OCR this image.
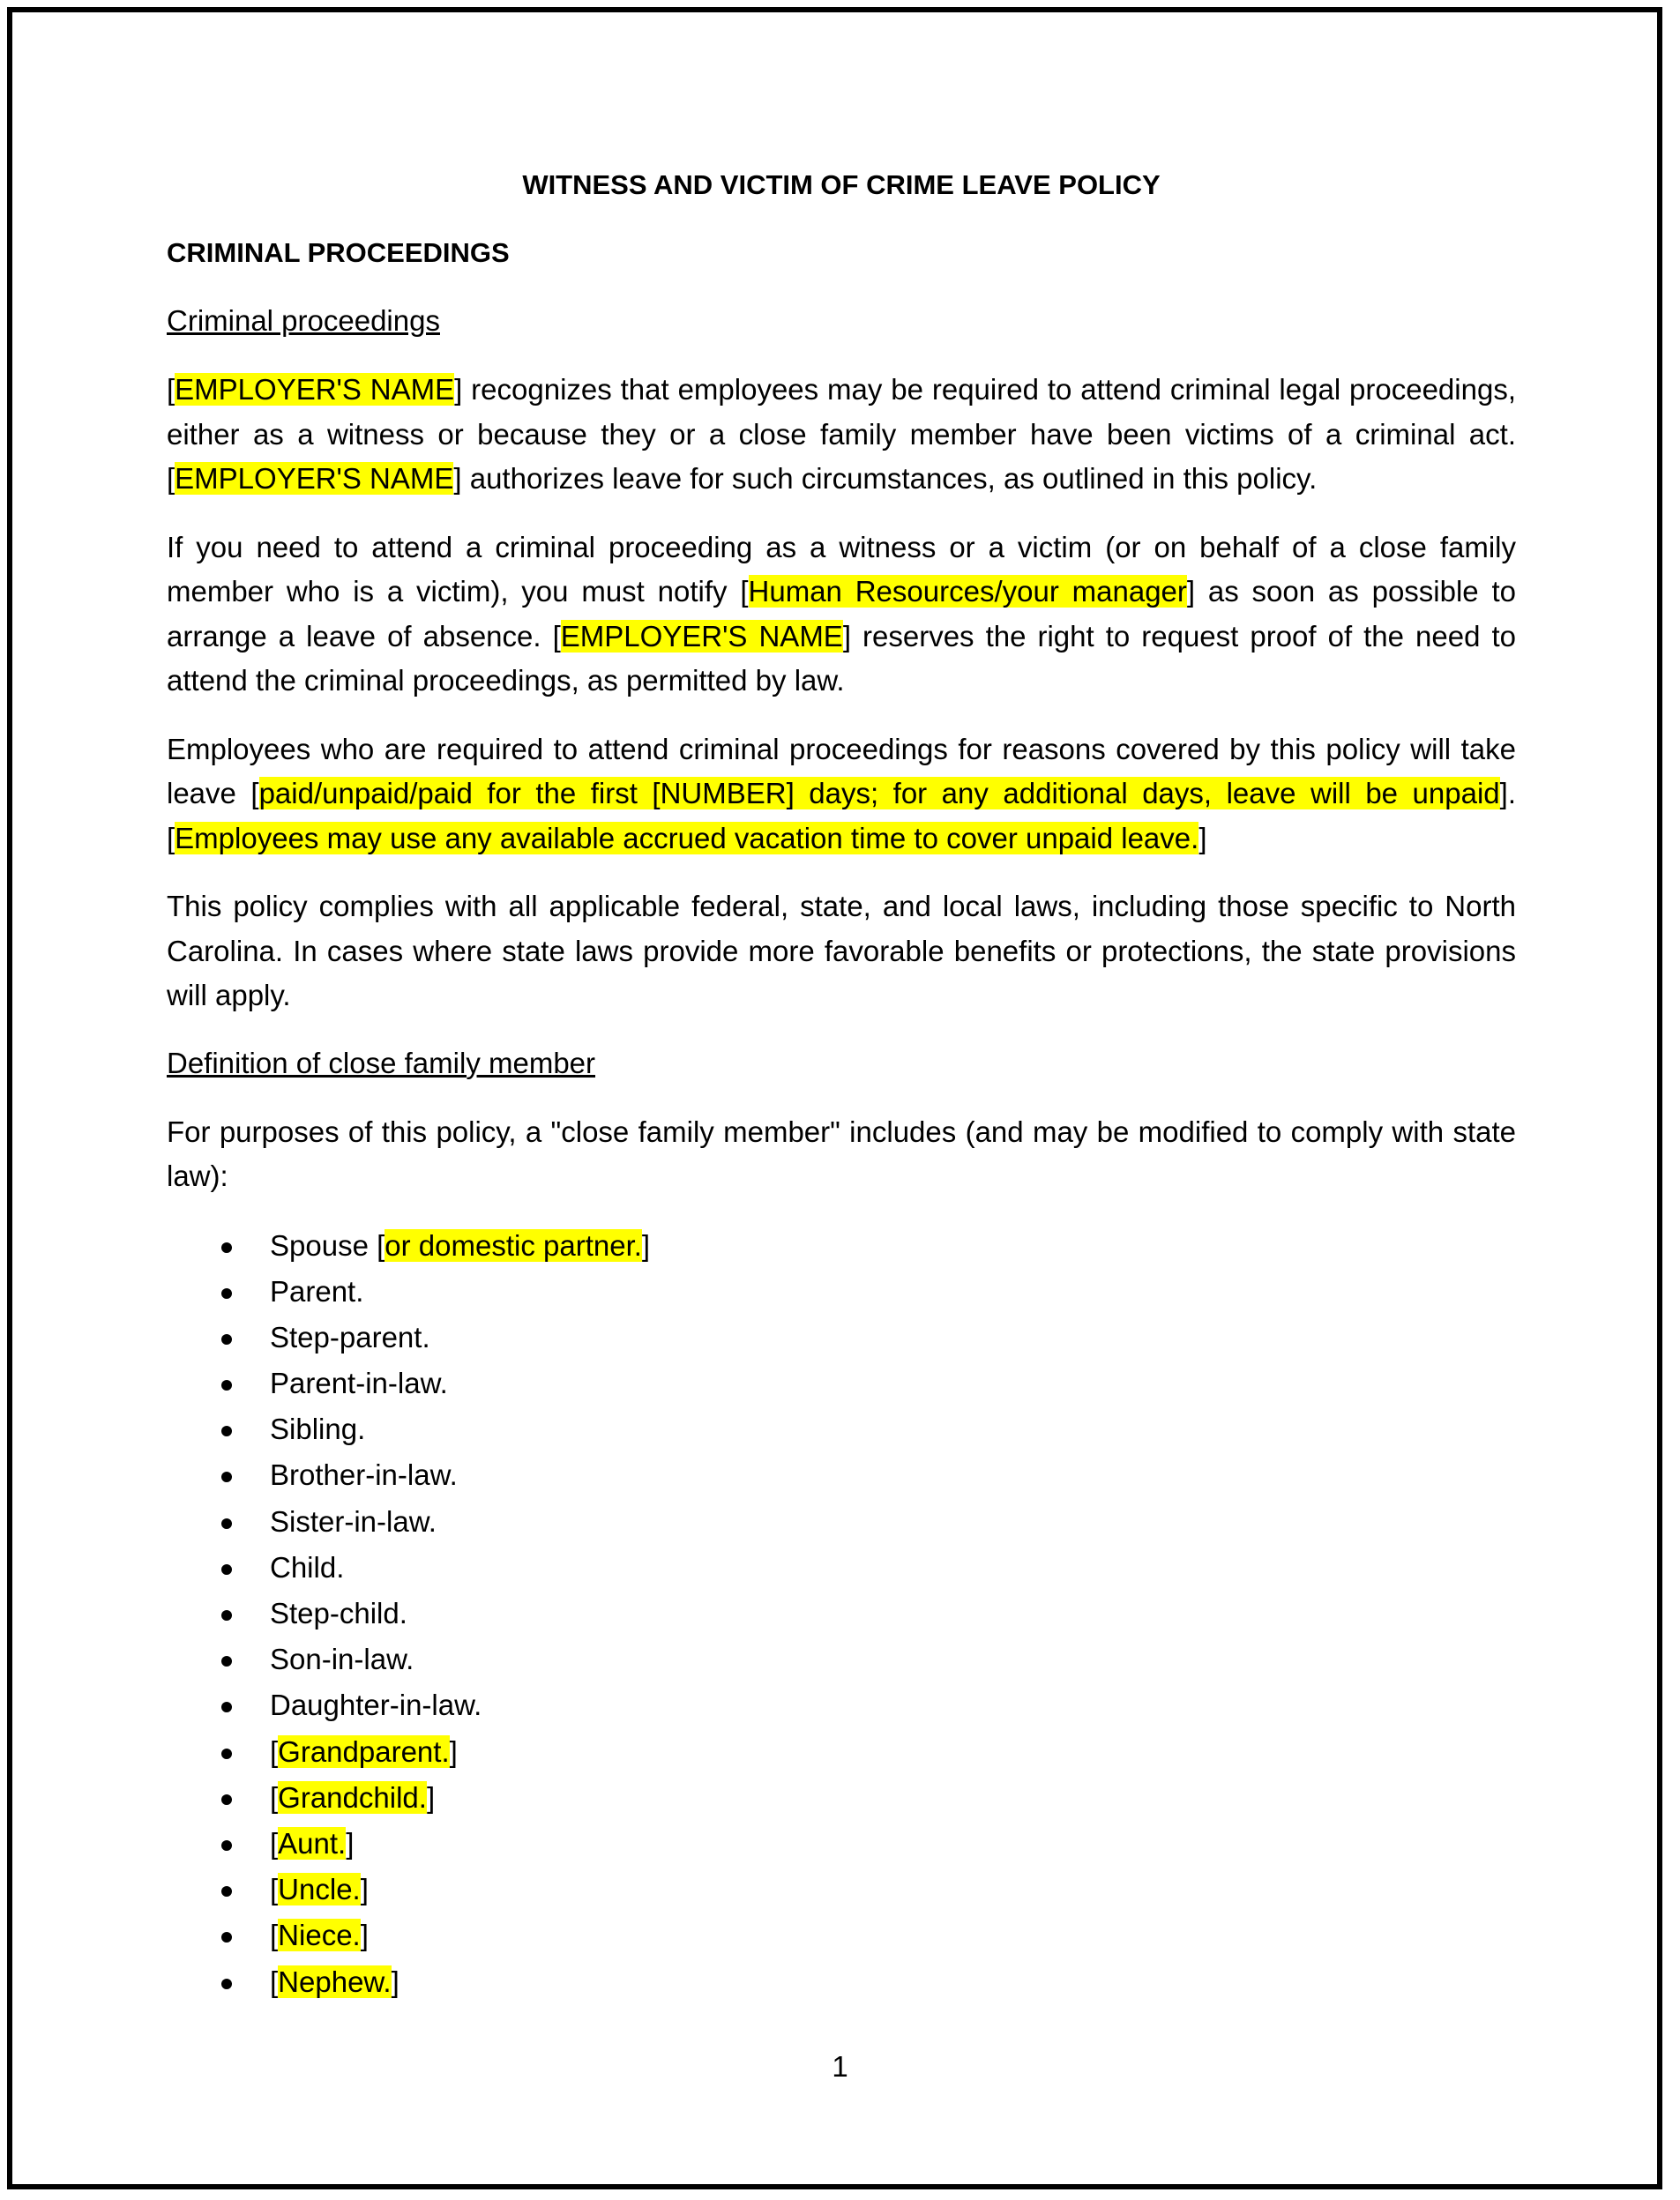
WITNESS AND VICTIM OF CRIME LEAVE POLICY
CRIMINAL PROCEEDINGS
Criminal proceedings
[EMPLOYER'S NAME] recognizes that employees may be required to attend criminal legal proceedings, either as a witness or because they or a close family member have been victims of a criminal act. [EMPLOYER'S NAME] authorizes leave for such circumstances, as outlined in this policy.
If you need to attend a criminal proceeding as a witness or a victim (or on behalf of a close family member who is a victim), you must notify [Human Resources/your manager] as soon as possible to arrange a leave of absence. [EMPLOYER'S NAME] reserves the right to request proof of the need to attend the criminal proceedings, as permitted by law.
Employees who are required to attend criminal proceedings for reasons covered by this policy will take leave [paid/unpaid/paid for the first [NUMBER] days; for any additional days, leave will be unpaid]. [Employees may use any available accrued vacation time to cover unpaid leave.]
This policy complies with all applicable federal, state, and local laws, including those specific to North Carolina. In cases where state laws provide more favorable benefits or protections, the state provisions will apply.
Definition of close family member
For purposes of this policy, a "close family member" includes (and may be modified to comply with state law):
Spouse [or domestic partner.]
Parent.
Step-parent.
Parent-in-law.
Sibling.
Brother-in-law.
Sister-in-law.
Child.
Step-child.
Son-in-law.
Daughter-in-law.
[Grandparent.]
[Grandchild.]
[Aunt.]
[Uncle.]
[Niece.]
[Nephew.]
1
